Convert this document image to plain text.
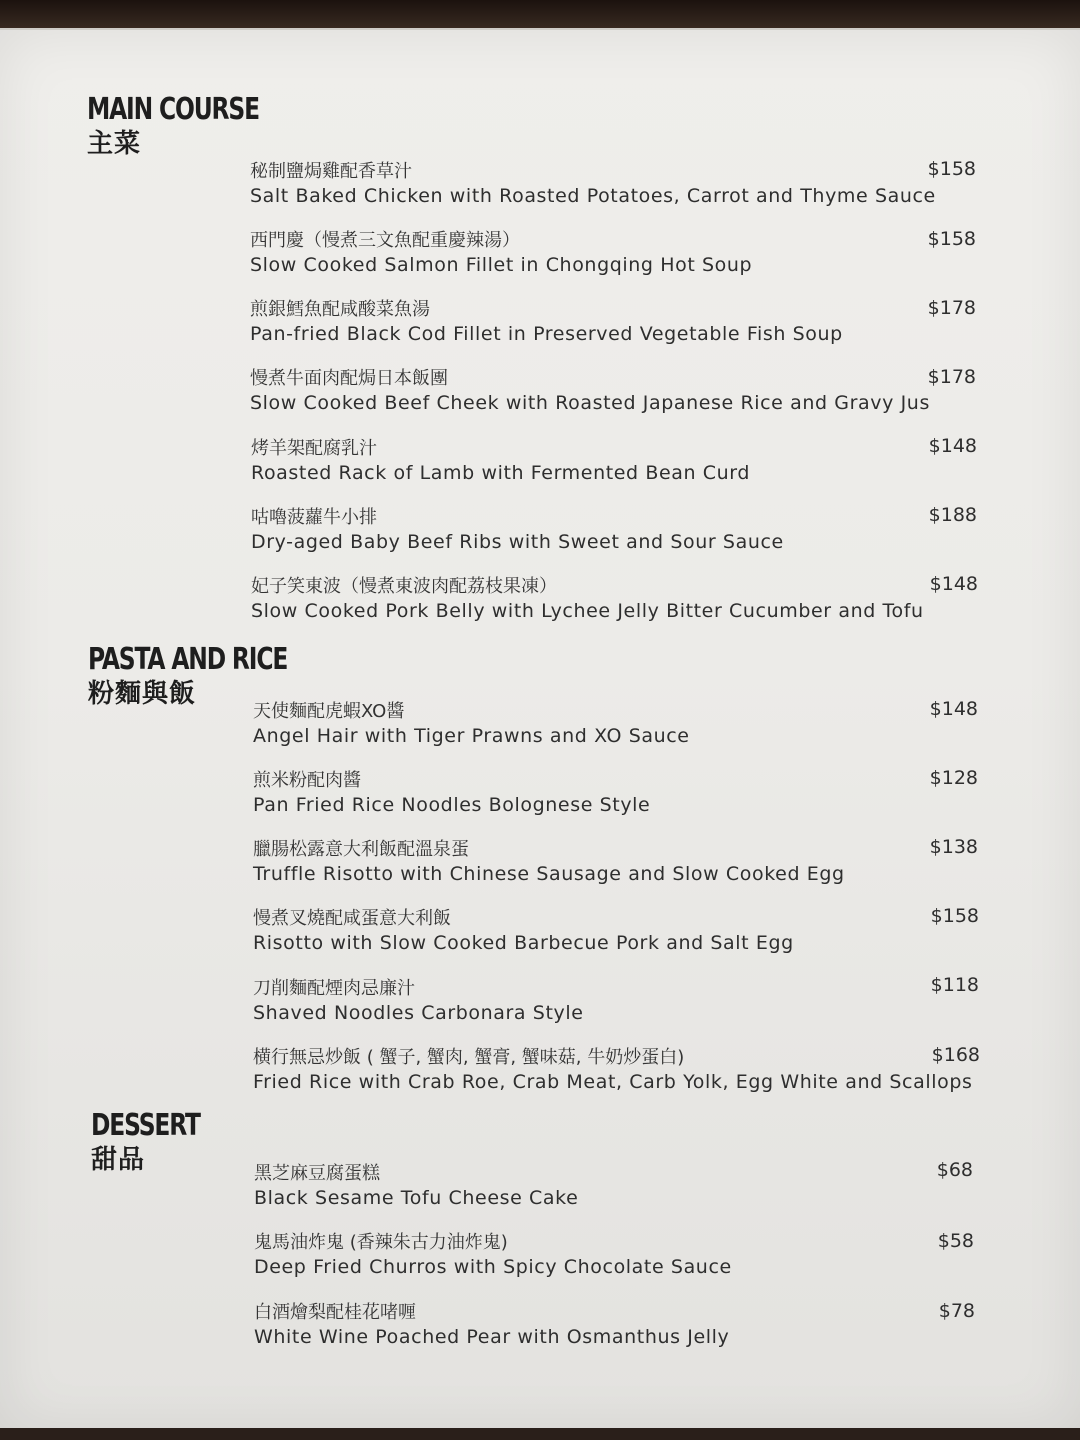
MAIN COURSE
主菜
秘制鹽焗雞配香草汁
Salt Baked Chicken with Roasted Potatoes, Carrot and Thyme Sauce
$158
西門慶（慢煮三文魚配重慶辣湯）
Slow Cooked Salmon Fillet in Chongqing Hot Soup
$158
煎銀鱈魚配咸酸菜魚湯
Pan-fried Black Cod Fillet in Preserved Vegetable Fish Soup
$178
慢煮牛面肉配焗日本飯團
Slow Cooked Beef Cheek with Roasted Japanese Rice and Gravy Jus
$178
烤羊架配腐乳汁
Roasted Rack of Lamb with Fermented Bean Curd
$148
咕嚕菠蘿牛小排
Dry-aged Baby Beef Ribs with Sweet and Sour Sauce
$188
妃子笑東波（慢煮東波肉配荔枝果凍）
Slow Cooked Pork Belly with Lychee Jelly Bitter Cucumber and Tofu
$148
PASTA AND RICE
粉麵與飯
天使麵配虎蝦XO醬
Angel Hair with Tiger Prawns and XO Sauce
$148
煎米粉配肉醬
Pan Fried Rice Noodles Bolognese Style
$128
臘腸松露意大利飯配溫泉蛋
Truffle Risotto with Chinese Sausage and Slow Cooked Egg
$138
慢煮叉燒配咸蛋意大利飯
Risotto with Slow Cooked Barbecue Pork and Salt Egg
$158
刀削麵配煙肉忌廉汁
Shaved Noodles Carbonara Style
$118
横行無忌炒飯 ( 蟹子, 蟹肉, 蟹膏, 蟹味菇, 牛奶炒蛋白)
Fried Rice with Crab Roe, Crab Meat, Carb Yolk, Egg White and Scallops
$168
DESSERT
甜品	黑芝麻豆腐蛋糕
Black Sesame Tofu Cheese Cake
$68
鬼馬油炸鬼 (香辣朱古力油炸鬼)
Deep Fried Churros with Spicy Chocolate Sauce
$58
白酒燴梨配桂花啫喱
White Wine Poached Pear with Osmanthus Jelly
$78
